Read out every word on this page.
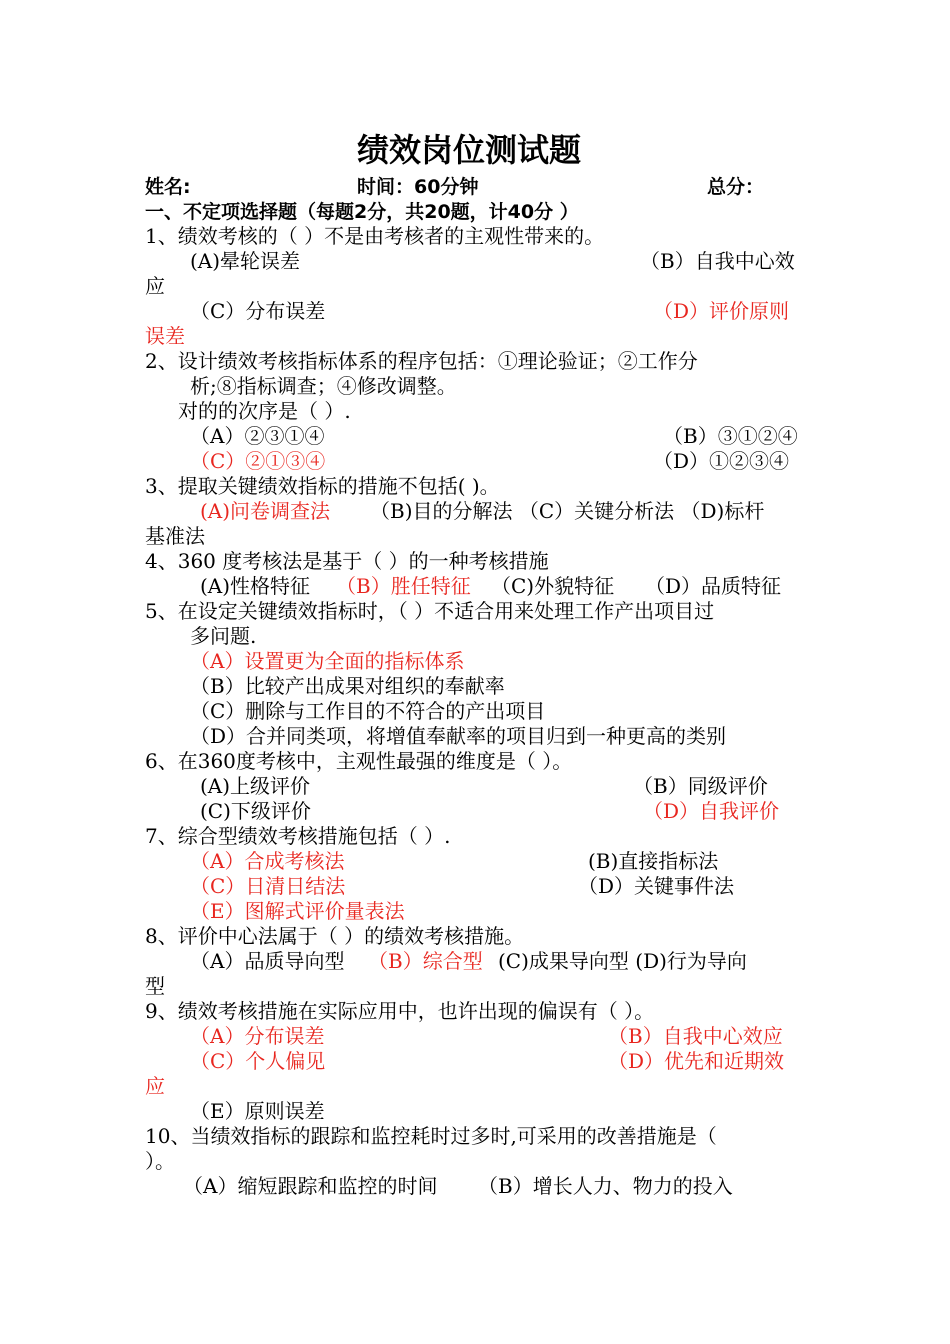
绩效岗位测试题
姓名:	时间：60分钟	总分：
一、不定项选择题（每题2分，共20题，计40分 ）
1、绩效考核的（ ）不是由考核者的主观性带来的。
(A)晕轮误差	（B）自我中心效
应
（C）分布误差	（D）评价原则
误差
2、设计绩效考核指标体系的程序包括：①理论验证；②工作分
析;⑧指标调查；④修改调整。
对的的次序是（ ）.
（A）②③①④	（B）③①②④
（C）②①③④	（D）①②③④
3、提取关键绩效指标的措施不包括( )。
(A)问卷调查法 （B)目的分解法 （C）关键分析法 （D)标杆
基准法
4、360 度考核法是基于（ ）的一种考核措施
(A)性格特征 （B）胜任特征 （C)外貌特征 （D）品质特征
5、在设定关键绩效指标时，（ ）不适合用来处理工作产出项目过
多问题.
（A）设置更为全面的指标体系
（B）比较产出成果对组织的奉献率
（C）删除与工作目的不符合的产出项目
（D）合并同类项，将增值奉献率的项目归到一种更高的类别
6、在360度考核中，主观性最强的维度是（ ）。
(A)上级评价	（B）同级评价
(C)下级评价	（D）自我评价
7、综合型绩效考核措施包括（ ）.
（A）合成考核法	(B)直接指标法
（C）日清日结法	（D）关键事件法
（E）图解式评价量表法
8、评价中心法属于（ ）的绩效考核措施。
（A）品质导向型 （B）综合型 (C)成果导向型 (D)行为导向
型
9、绩效考核措施在实际应用中，也许出现的偏误有（ ）。
（A）分布误差	（B）自我中心效应
（C）个人偏见	（D）优先和近期效
应
（E）原则误差
10、当绩效指标的跟踪和监控耗时过多时,可采用的改善措施是（
）。
（A）缩短跟踪和监控的时间 （B）增长人力、物力的投入
